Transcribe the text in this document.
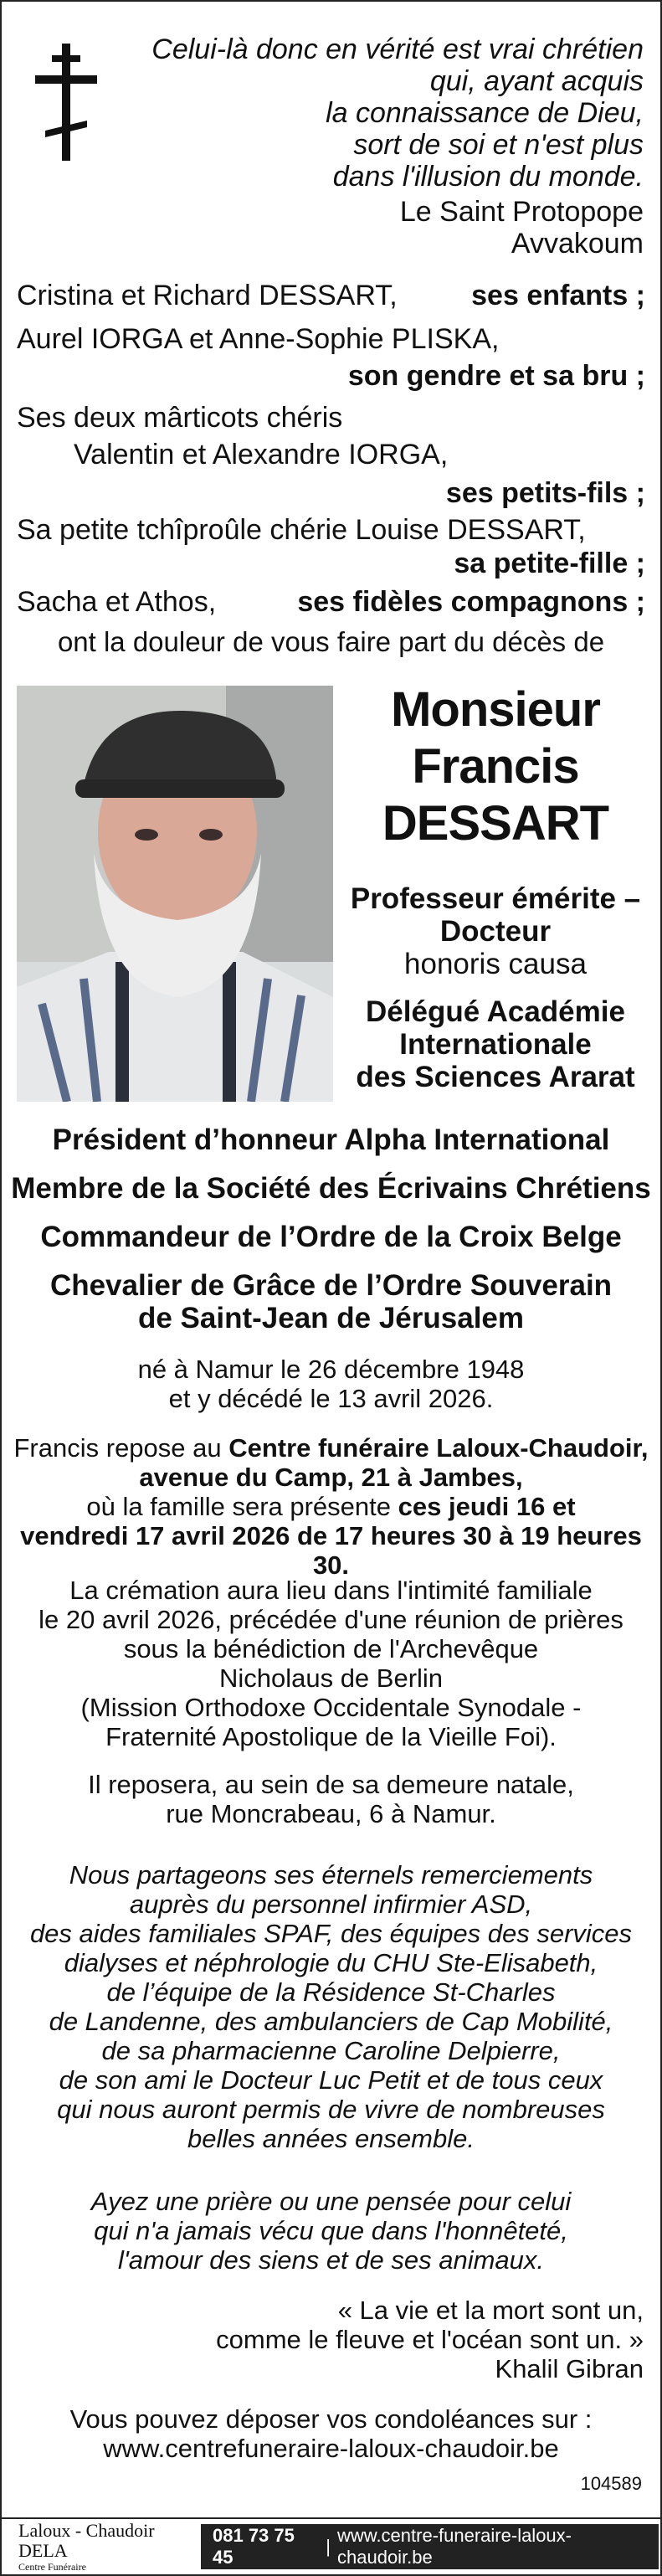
Celui-là donc en vérité est vrai chrétien
qui, ayant acquis
la connaissance de Dieu,
sort de soi et n'est plus
dans l'illusion du monde.
Le Saint Protopope
Avvakoum
Cristina et Richard DESSART,	ses enfants ;
Aurel IORGA et Anne-Sophie PLISKA,
son gendre et sa bru ;
Ses deux mârticots chéris
Valentin et Alexandre IORGA,
ses petits-fils ;
Sa petite tchîproûle chérie Louise DESSART,
sa petite-fille ;
Sacha et Athos,	ses fidèles compagnons ;
ont la douleur de vous faire part du décès de
Monsieur
Francis
DESSART
Professeur émérite –
Docteur
honoris causa
Délégué Académie
Internationale
des Sciences Ararat
Président d’honneur Alpha International
Membre de la Société des Écrivains Chrétiens
Commandeur de l’Ordre de la Croix Belge
Chevalier de Grâce de l’Ordre Souverain
de Saint-Jean de Jérusalem
né à Namur le 26 décembre 1948
et y décédé le 13 avril 2026.
Francis repose au Centre funéraire Laloux-Chaudoir,
avenue du Camp, 21 à Jambes,
où la famille sera présente ces jeudi 16 et
vendredi 17 avril 2026 de 17 heures 30 à 19 heures 30.
La crémation aura lieu dans l'intimité familiale
le 20 avril 2026, précédée d'une réunion de prières
sous la bénédiction de l'Archevêque
Nicholaus de Berlin
(Mission Orthodoxe Occidentale Synodale -
Fraternité Apostolique de la Vieille Foi).
Il reposera, au sein de sa demeure natale,
rue Moncrabeau, 6 à Namur.
Nous partageons ses éternels remerciements
auprès du personnel infirmier ASD,
des aides familiales SPAF, des équipes des services
dialyses et néphrologie du CHU Ste-Elisabeth,
de l’équipe de la Résidence St-Charles
de Landenne, des ambulanciers de Cap Mobilité,
de sa pharmacienne Caroline Delpierre,
de son ami le Docteur Luc Petit et de tous ceux
qui nous auront permis de vivre de nombreuses
belles années ensemble.
Ayez une prière ou une pensée pour celui
qui n'a jamais vécu que dans l'honnêteté,
l'amour des siens et de ses animaux.
« La vie et la mort sont un,
comme le fleuve et l'océan sont un. »
Khalil Gibran
Vous pouvez déposer vos condoléances sur :
www.centrefuneraire-laloux-chaudoir.be
104589
Laloux - Chaudoir DELA
Centre Funéraire
081 73 75 45
|
www.centre-funeraire-laloux-chaudoir.be
